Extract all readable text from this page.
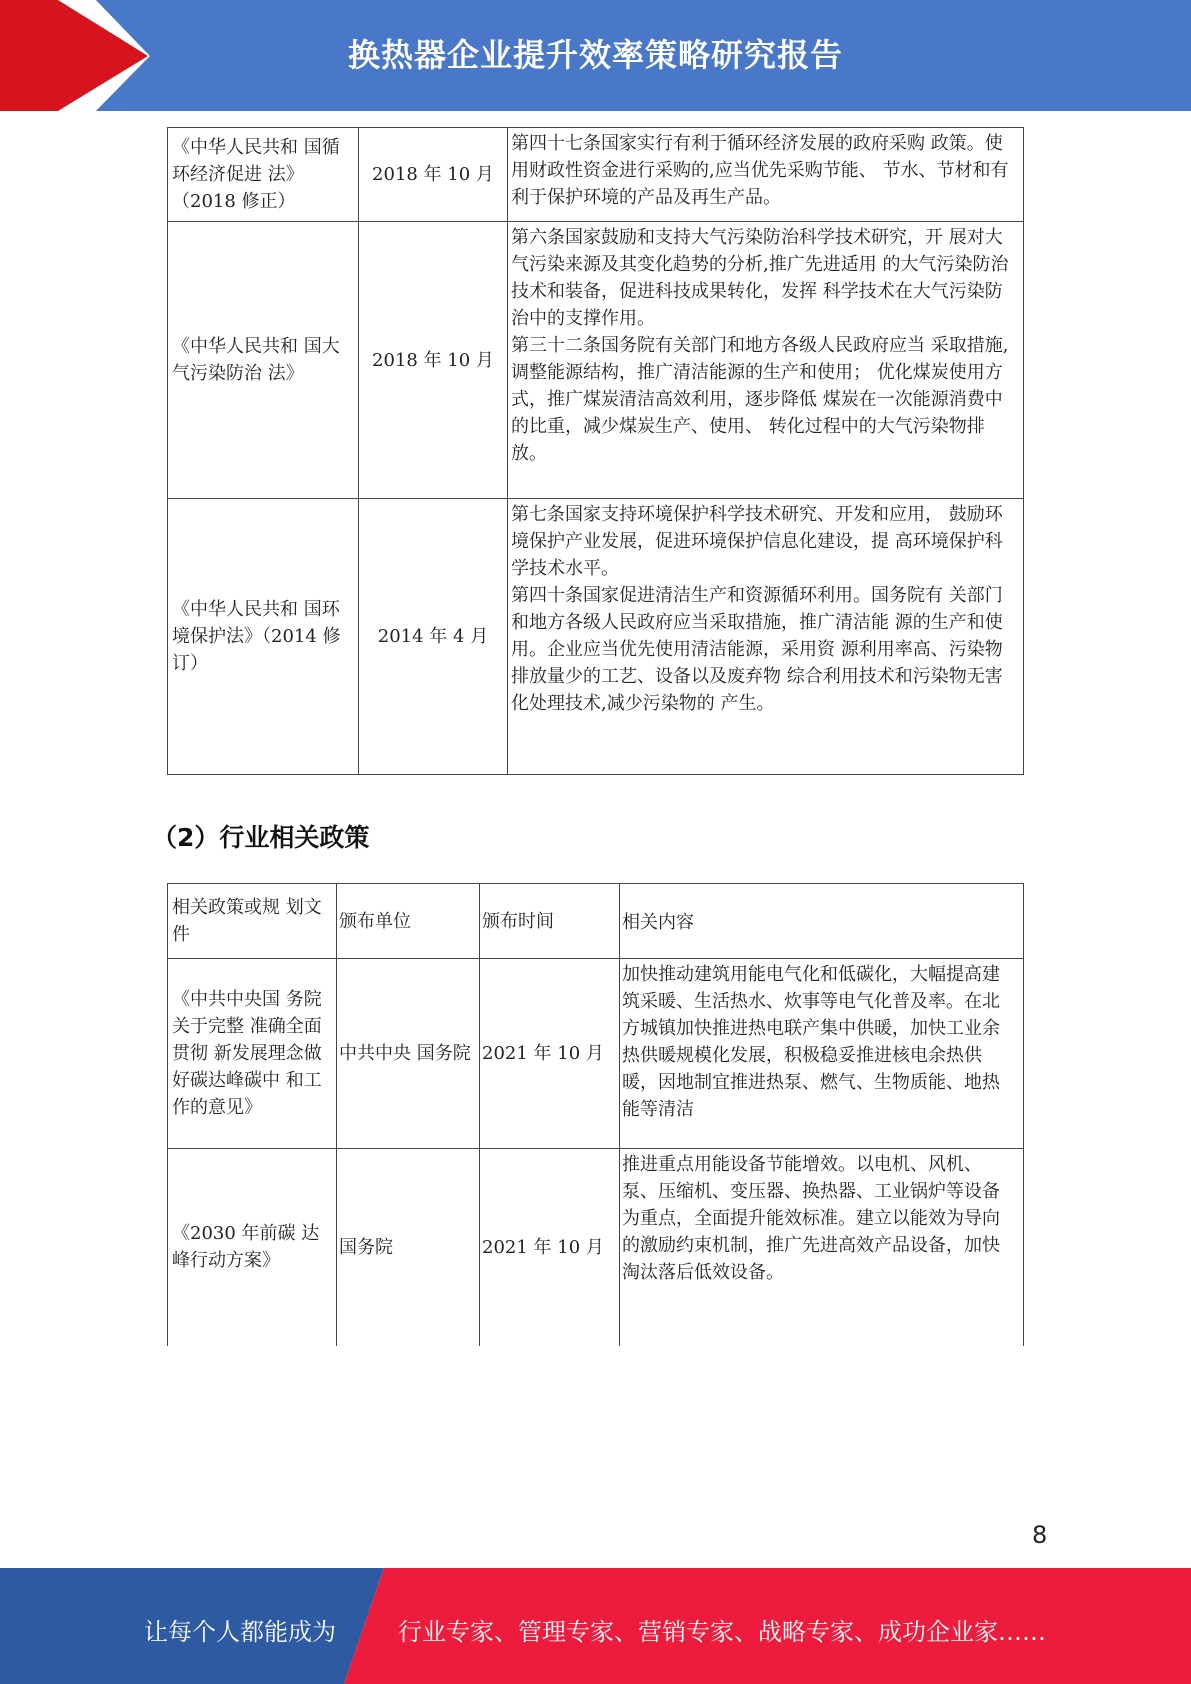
换热器企业提升效率策略研究报告
《中华人民共和 国循环经济促进 法》（2018 修正）	2018 年 10 月	第四十七条国家实行有利于循环经济发展的政府采购 政策。使用财政性资金进行采购的,应当优先采购节能、 节水、节材和有利于保护环境的产品及再生产品。
《中华人民共和 国大气污染防治 法》	2018 年 10 月	第六条国家鼓励和支持大气污染防治科学技术研究，开 展对大气污染来源及其变化趋势的分析,推广先进适用 的大气污染防治技术和装备，促进科技成果转化，发挥 科学技术在大气污染防治中的支撑作用。
第三十二条国务院有关部门和地方各级人民政府应当 采取措施,调整能源结构，推广清洁能源的生产和使用； 优化煤炭使用方式，推广煤炭清洁高效利用，逐步降低 煤炭在一次能源消费中的比重，减少煤炭生产、使用、 转化过程中的大气污染物排放。
《中华人民共和 国环境保护法》（2014 修订）	2014 年 4 月	第七条国家支持环境保护科学技术研究、开发和应用， 鼓励环境保护产业发展，促进环境保护信息化建设，提 高环境保护科学技术水平。
第四十条国家促进清洁生产和资源循环利用。国务院有 关部门和地方各级人民政府应当采取措施，推广清洁能 源的生产和使用。企业应当优先使用清洁能源，采用资 源利用率高、污染物排放量少的工艺、设备以及废弃物 综合利用技术和污染物无害化处理技术,减少污染物的 产生。
（2）行业相关政策
相关政策或规 划文件	颁布单位	颁布时间	相关内容
《中共中央国 务院关于完整 准确全面贯彻 新发展理念做 好碳达峰碳中 和工作的意见》	中共中央 国务院	2021 年 10 月	加快推动建筑用能电气化和低碳化，大幅提高建筑采暖、生活热水、炊事等电气化普及率。在北方城镇加快推进热电联产集中供暖，加快工业余热供暖规模化发展，积极稳妥推进核电余热供暖，因地制宜推进热泵、燃气、生物质能、地热能等清洁
《2030 年前碳 达峰行动方案》	国务院	2021 年 10 月	推进重点用能设备节能增效。以电机、风机、泵、压缩机、变压器、换热器、工业锅炉等设备为重点，全面提升能效标准。建立以能效为导向的激励约束机制，推广先进高效产品设备，加快淘汰落后低效设备。
8
让每个人都能成为	行业专家、管理专家、营销专家、战略专家、成功企业家……
